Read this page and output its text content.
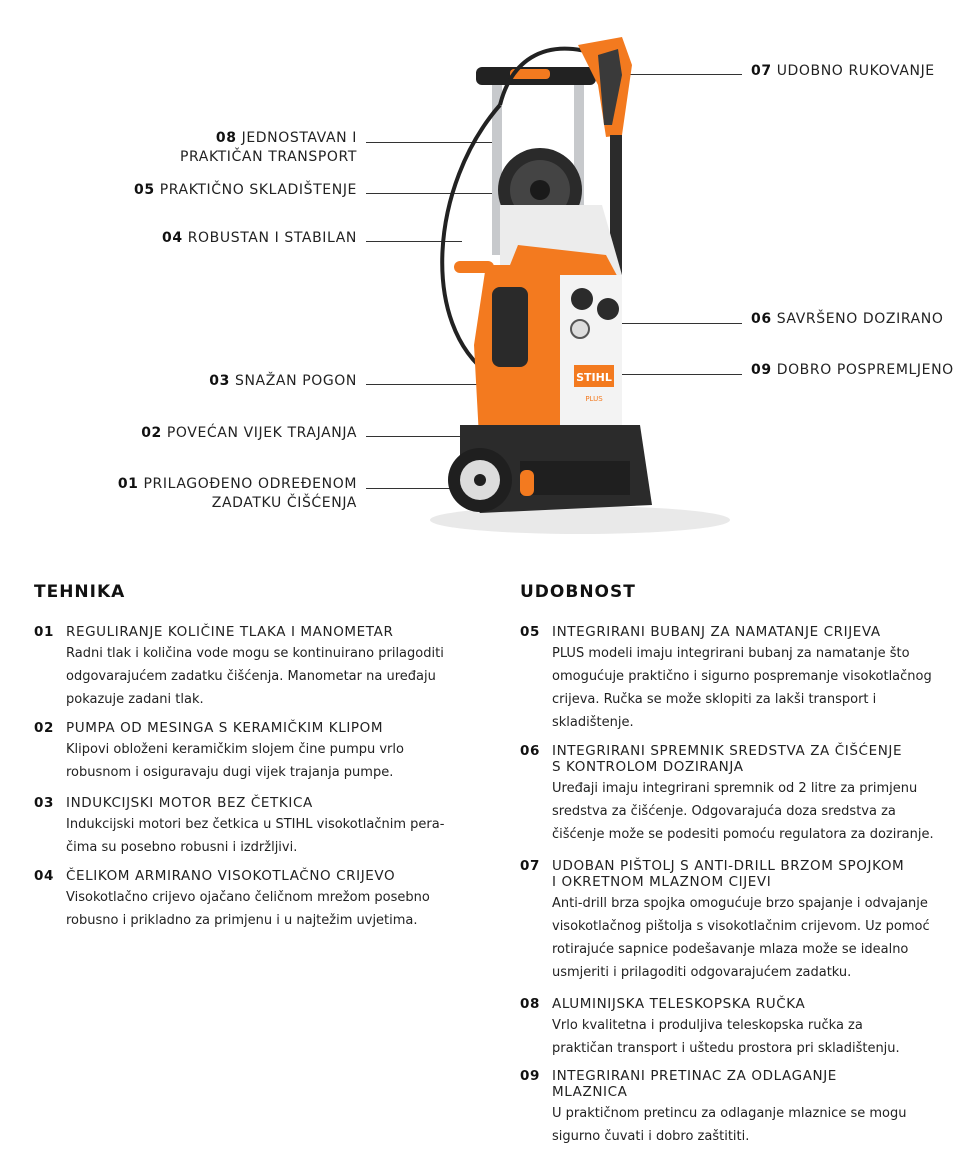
07 UDOBNO RUKOVANJE
08 JEDNOSTAVAN I
PRAKTIČAN TRANSPORT
05 PRAKTIČNO SKLADIŠTENJE
04 ROBUSTAN I STABILAN
06 SAVRŠENO DOZIRANO
09 DOBRO POSPREMLJENO
03 SNAŽAN POGON
02 POVEĆAN VIJEK TRAJANJA
01 PRILAGOĐENO ODREĐENOM
ZADATKU ČIŠĆENJA
STIHL
PLUS
TEHNIKA
01 REGULIRANJE KOLIČINE TLAKA I MANOMETAR
Radni tlak i količina vode mogu se kontinuirano prilagoditi
odgovarajućem zadatku čišćenja. Manometar na uređaju
pokazuje zadani tlak.
02 PUMPA OD MESINGA S KERAMIČKIM KLIPOM
Klipovi obloženi keramičkim slojem čine pumpu vrlo
robusnom i osiguravaju dugi vijek trajanja pumpe.
03 INDUKCIJSKI MOTOR BEZ ČETKICA
Indukcijski motori bez četkica u STIHL visokotlačnim pera-
čima su posebno robusni i izdržljivi.
04 ČELIKOM ARMIRANO VISOKOTLAČNO CRIJEVO
Visokotlačno crijevo ojačano čeličnom mrežom posebno
robusno i prikladno za primjenu i u najtežim uvjetima.
UDOBNOST
05 INTEGRIRANI BUBANJ ZA NAMATANJE CRIJEVA
PLUS modeli imaju integrirani bubanj za namatanje što
omogućuje praktično i sigurno pospremanje visokotlačnog
crijeva. Ručka se može sklopiti za lakši transport i
skladištenje.
06 INTEGRIRANI SPREMNIK SREDSTVA ZA ČIŠĆENJE
S KONTROLOM DOZIRANJA
Uređaji imaju integrirani spremnik od 2 litre za primjenu
sredstva za čišćenje. Odgovarajuća doza sredstva za
čišćenje može se podesiti pomoću regulatora za doziranje.
07 UDOBAN PIŠTOLJ S ANTI-DRILL BRZOM SPOJKOM
I OKRETNOM MLAZNOM CIJEVI
Anti-drill brza spojka omogućuje brzo spajanje i odvajanje
visokotlačnog pištolja s visokotlačnim crijevom. Uz pomoć
rotirajuće sapnice podešavanje mlaza može se idealno
usmjeriti i prilagoditi odgovarajućem zadatku.
08 ALUMINIJSKA TELESKOPSKA RUČKA
Vrlo kvalitetna i produljiva teleskopska ručka za
praktičan transport i uštedu prostora pri skladištenju.
09 INTEGRIRANI PRETINAC ZA ODLAGANJE
MLAZNICA
U praktičnom pretincu za odlaganje mlaznice se mogu
sigurno čuvati i dobro zaštititi.
